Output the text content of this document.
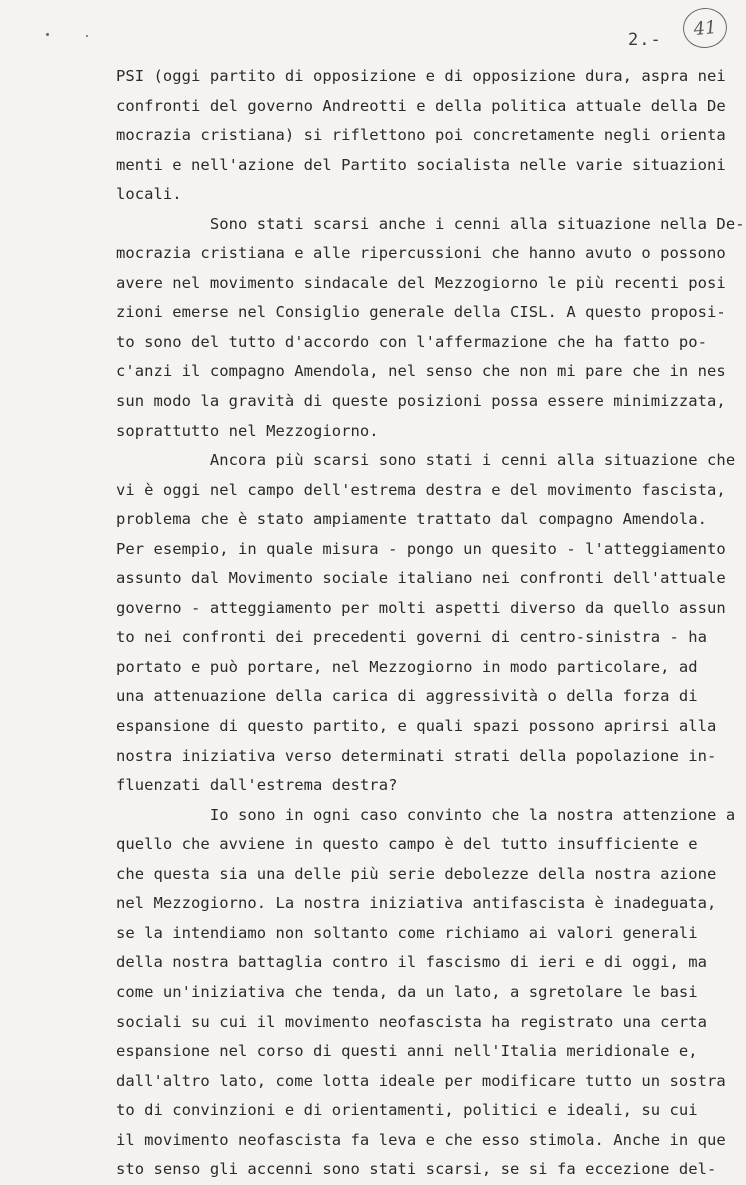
2.-
41
PSI (oggi partito di opposizione e di opposizione dura, aspra nei
confronti del governo Andreotti e della politica attuale della De
mocrazia cristiana) si riflettono poi concretamente negli orienta
menti e nell'azione del Partito socialista nelle varie situazioni
locali.
Sono stati scarsi anche i cenni alla situazione nella De-
mocrazia cristiana e alle ripercussioni che hanno avuto o possono
avere nel movimento sindacale del Mezzogiorno le più recenti posi
zioni emerse nel Consiglio generale della CISL. A questo proposi-
to sono del tutto d'accordo con l'affermazione che ha fatto po-
c'anzi il compagno Amendola, nel senso che non mi pare che in nes
sun modo la gravità di queste posizioni possa essere minimizzata,
soprattutto nel Mezzogiorno.
Ancora più scarsi sono stati i cenni alla situazione che
vi è oggi nel campo dell'estrema destra e del movimento fascista,
problema che è stato ampiamente trattato dal compagno Amendola.
Per esempio, in quale misura - pongo un quesito - l'atteggiamento
assunto dal Movimento sociale italiano nei confronti dell'attuale
governo - atteggiamento per molti aspetti diverso da quello assun
to nei confronti dei precedenti governi di centro-sinistra - ha
portato e può portare, nel Mezzogiorno in modo particolare, ad
una attenuazione della carica di aggressività o della forza di
espansione di questo partito, e quali spazi possono aprirsi alla
nostra iniziativa verso determinati strati della popolazione in-
fluenzati dall'estrema destra?
Io sono in ogni caso convinto che la nostra attenzione a
quello che avviene in questo campo è del tutto insufficiente e
che questa sia una delle più serie debolezze della nostra azione
nel Mezzogiorno. La nostra iniziativa antifascista è inadeguata,
se la intendiamo non soltanto come richiamo ai valori generali
della nostra battaglia contro il fascismo di ieri e di oggi, ma
come un'iniziativa che tenda, da un lato, a sgretolare le basi
sociali su cui il movimento neofascista ha registrato una certa
espansione nel corso di questi anni nell'Italia meridionale e,
dall'altro lato, come lotta ideale per modificare tutto un sostra
to di convinzioni e di orientamenti, politici e ideali, su cui
il movimento neofascista fa leva e che esso stimola. Anche in que
sto senso gli accenni sono stati scarsi, se si fa eccezione del-
